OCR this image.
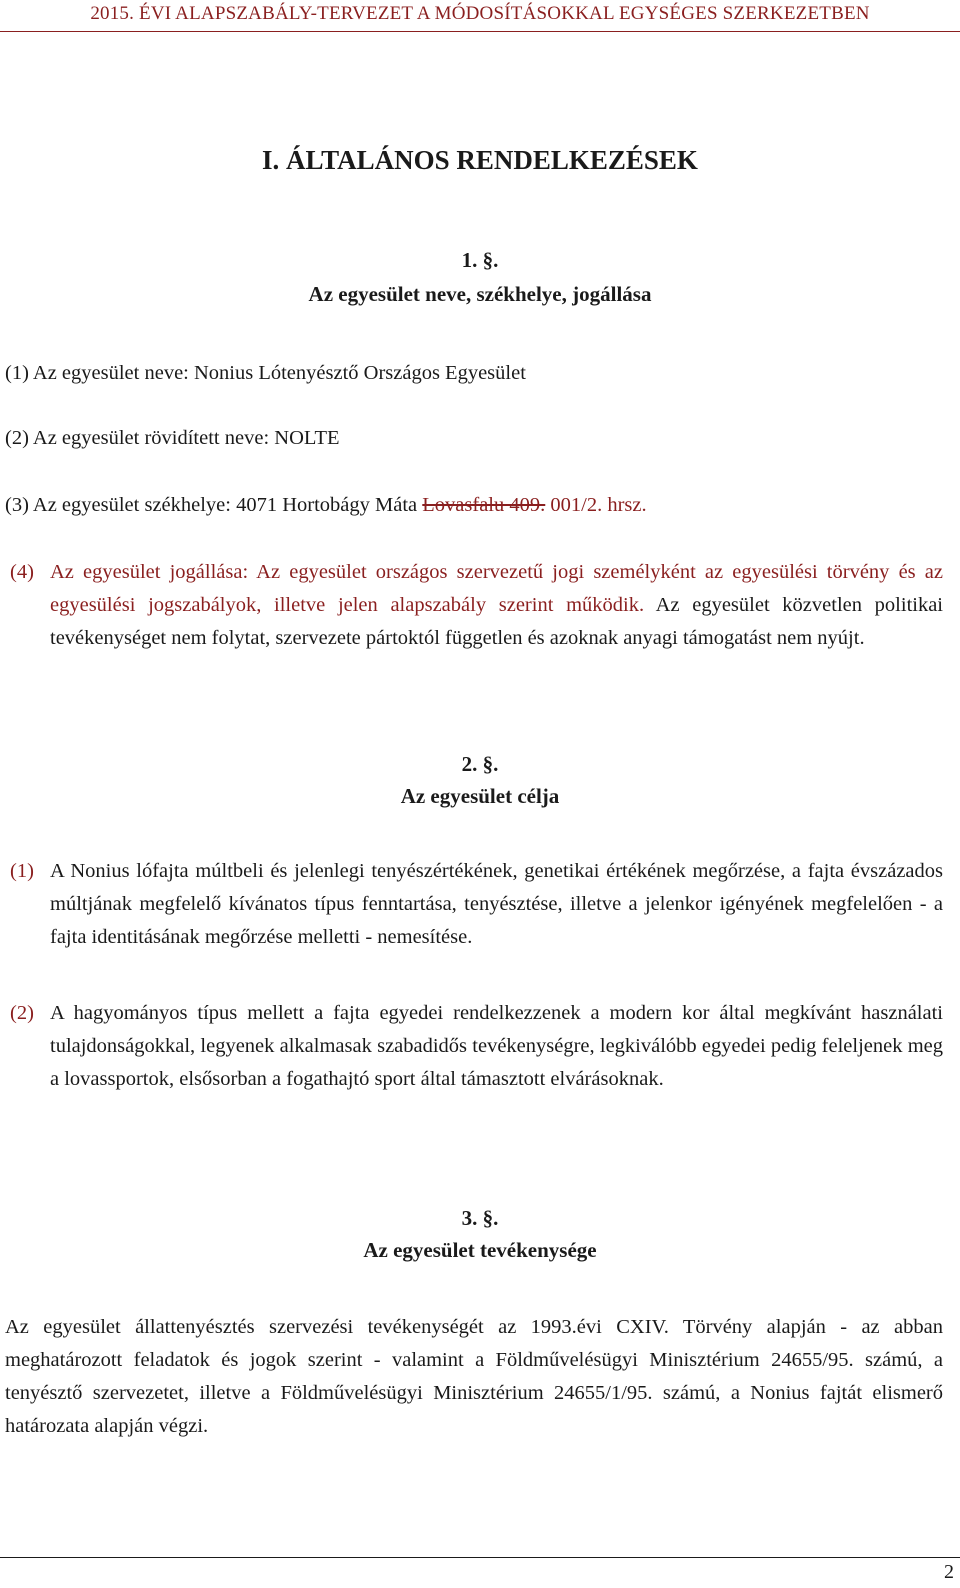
2015. ÉVI ALAPSZABÁLY-TERVEZET A MÓDOSÍTÁSOKKAL EGYSÉGES SZERKEZETBEN
I. ÁLTALÁNOS RENDELKEZÉSEK
1. §.
Az egyesület neve, székhelye, jogállása
(1) Az egyesület neve: Nonius Lótenyésztő Országos Egyesület
(2) Az egyesület rövidített neve: NOLTE
(3) Az egyesület székhelye: 4071 Hortobágy Máta Lovasfalu 409. 001/2. hrsz.
(4) Az egyesület jogállása: Az egyesület országos szervezetű jogi személyként az egyesülési törvény és az egyesülési jogszabályok, illetve jelen alapszabály szerint működik. Az egyesület közvetlen politikai tevékenységet nem folytat, szervezete pártoktól független és azoknak anyagi támogatást nem nyújt.
2. §.
Az egyesület célja
(1) A Nonius lófajta múltbeli és jelenlegi tenyészértékének, genetikai értékének megőrzése, a fajta évszázados múltjának megfelelő kívánatos típus fenntartása, tenyésztése, illetve a jelenkor igényének megfelelően - a fajta identitásának megőrzése melletti - nemesítése.
(2) A hagyományos típus mellett a fajta egyedei rendelkezzenek a modern kor által megkívánt használati tulajdonságokkal, legyenek alkalmasak szabadidős tevékenységre, legkiválóbb egyedei pedig feleljenek meg a lovassportok, elsősorban a fogathajtó sport által támasztott elvárásoknak.
3. §.
Az egyesület tevékenysége
Az egyesület állattenyésztés szervezési tevékenységét az 1993.évi CXIV. Törvény alapján - az abban meghatározott feladatok és jogok szerint - valamint a Földművelésügyi Minisztérium 24655/95. számú, a tenyésztő szervezetet, illetve a Földművelésügyi Minisztérium 24655/1/95. számú, a Nonius fajtát elismerő határozata alapján végzi.
2
